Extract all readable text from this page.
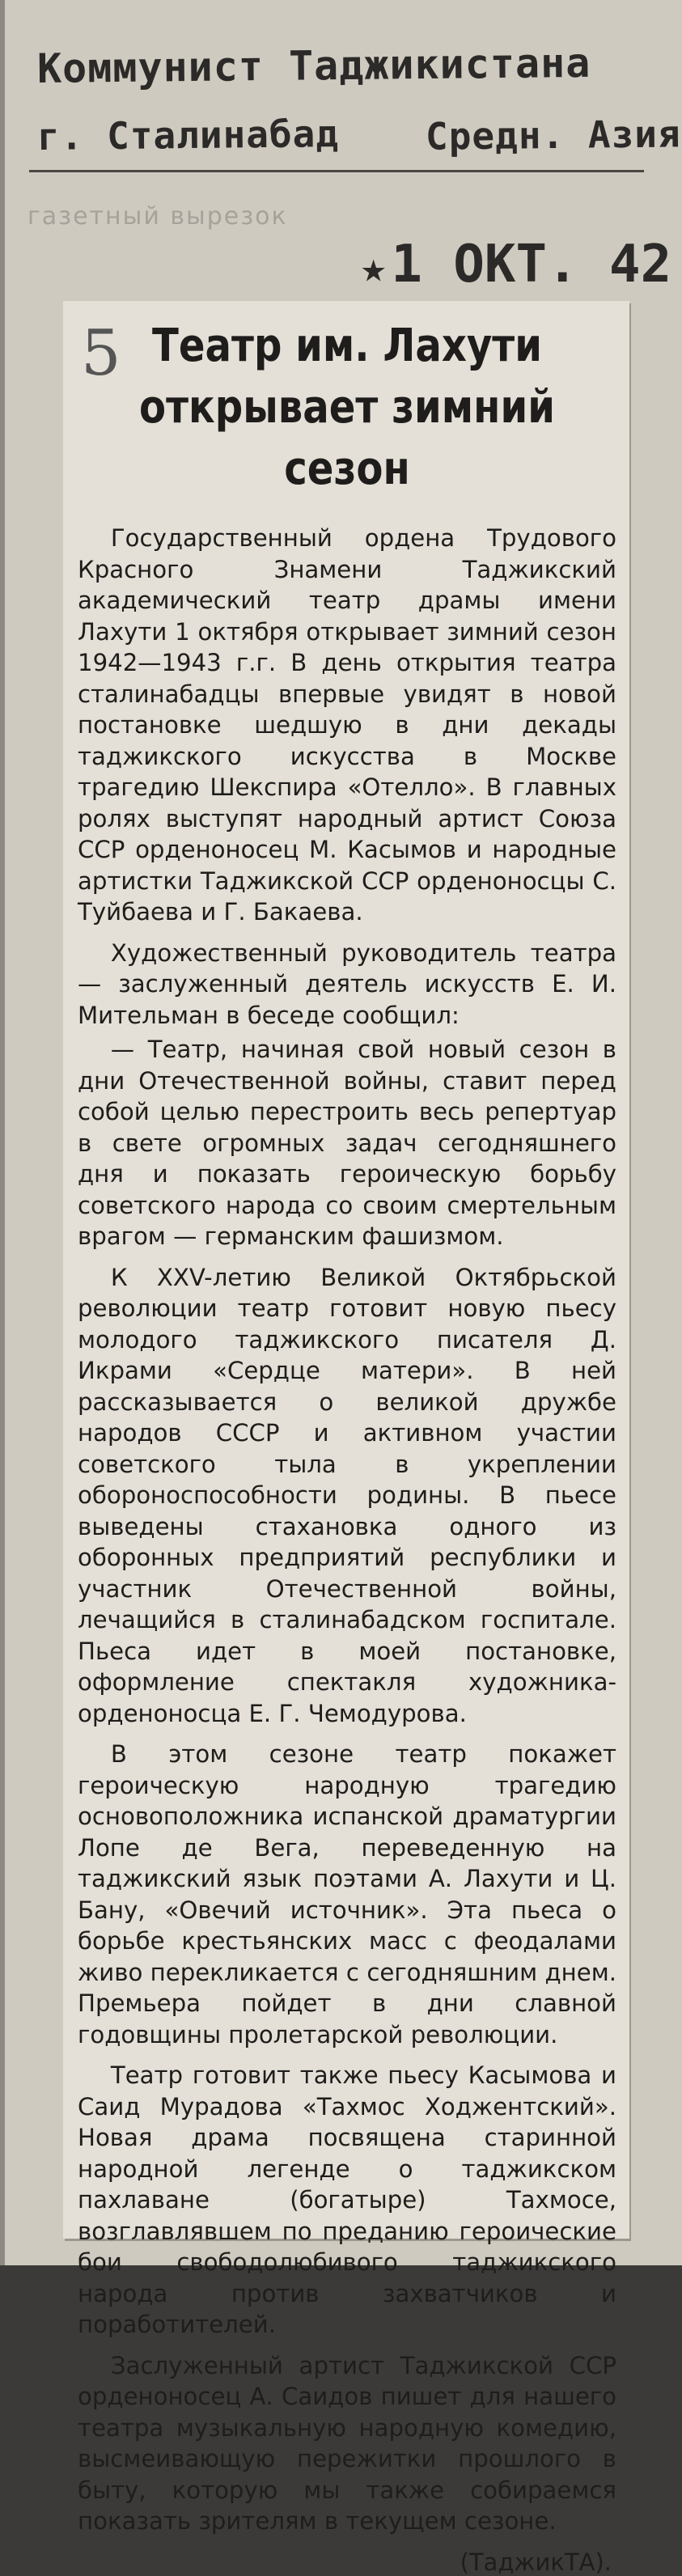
Коммунист Таджикистана
г. Сталинабад Средн. Азия
газетный вырезок
★1 ОКТ. 42
5 Театр им. Лахути
открывает зимний сезон

Государственный ордена Трудового Красного Знамени Таджикский академический театр драмы имени Лахути 1 октября открывает зимний сезон 1942—1943 г.г. В день открытия театра сталинабадцы впервые увидят в новой постановке шедшую в дни декады таджикского искусства в Москве трагедию Шекспира «Отелло». В главных ролях выступят народный артист Союза ССР орденоносец М. Касымов и народные артистки Таджикской ССР орденоносцы С. Туйбаева и Г. Бакаева.

Художественный руководитель театра — заслуженный деятель искусств Е. И. Мительман в беседе сообщил:

— Театр, начиная свой новый сезон в дни Отечественной войны, ставит перед собой целью перестроить весь репертуар в свете огромных задач сегодняшнего дня и показать героическую борьбу советского народа со своим смертельным врагом — германским фашизмом.

К XXV-летию Великой Октябрьской революции театр готовит новую пьесу молодого таджикского писателя Д. Икрами «Сердце матери». В ней рассказывается о великой дружбе народов СССР и активном участии советского тыла в укреплении обороноспособности родины. В пьесе выведены стахановка одного из оборонных предприятий республики и участник Отечественной войны, лечащийся в сталинабадском госпитале. Пьеса идет в моей постановке, оформление спектакля художника-орденоносца Е. Г. Чемодурова.

В этом сезоне театр покажет героическую народную трагедию основоположника испанской драматургии Лопе де Вега, переведенную на таджикский язык поэтами А. Лахути и Ц. Бану, «Овечий источник». Эта пьеса о борьбе крестьянских масс с феодалами живо перекликается с сегодняшним днем. Премьера пойдет в дни славной годовщины пролетарской революции.

Театр готовит также пьесу Касымова и Саид Мурадова «Тахмос Ходжентский». Новая драма посвящена старинной народной легенде о таджикском пахлаване (богатыре) Тахмосе, возглавлявшем по преданию героические бои свободолюбивого таджикского народа против захватчиков и поработителей.

Заслуженный артист Таджикской ССР орденоносец А. Саидов пишет для нашего театра музыкальную народную комедию, высмеивающую пережитки прошлого в быту, которую мы также собираемся показать зрителям в текущем сезоне.

(ТаджикТА).
